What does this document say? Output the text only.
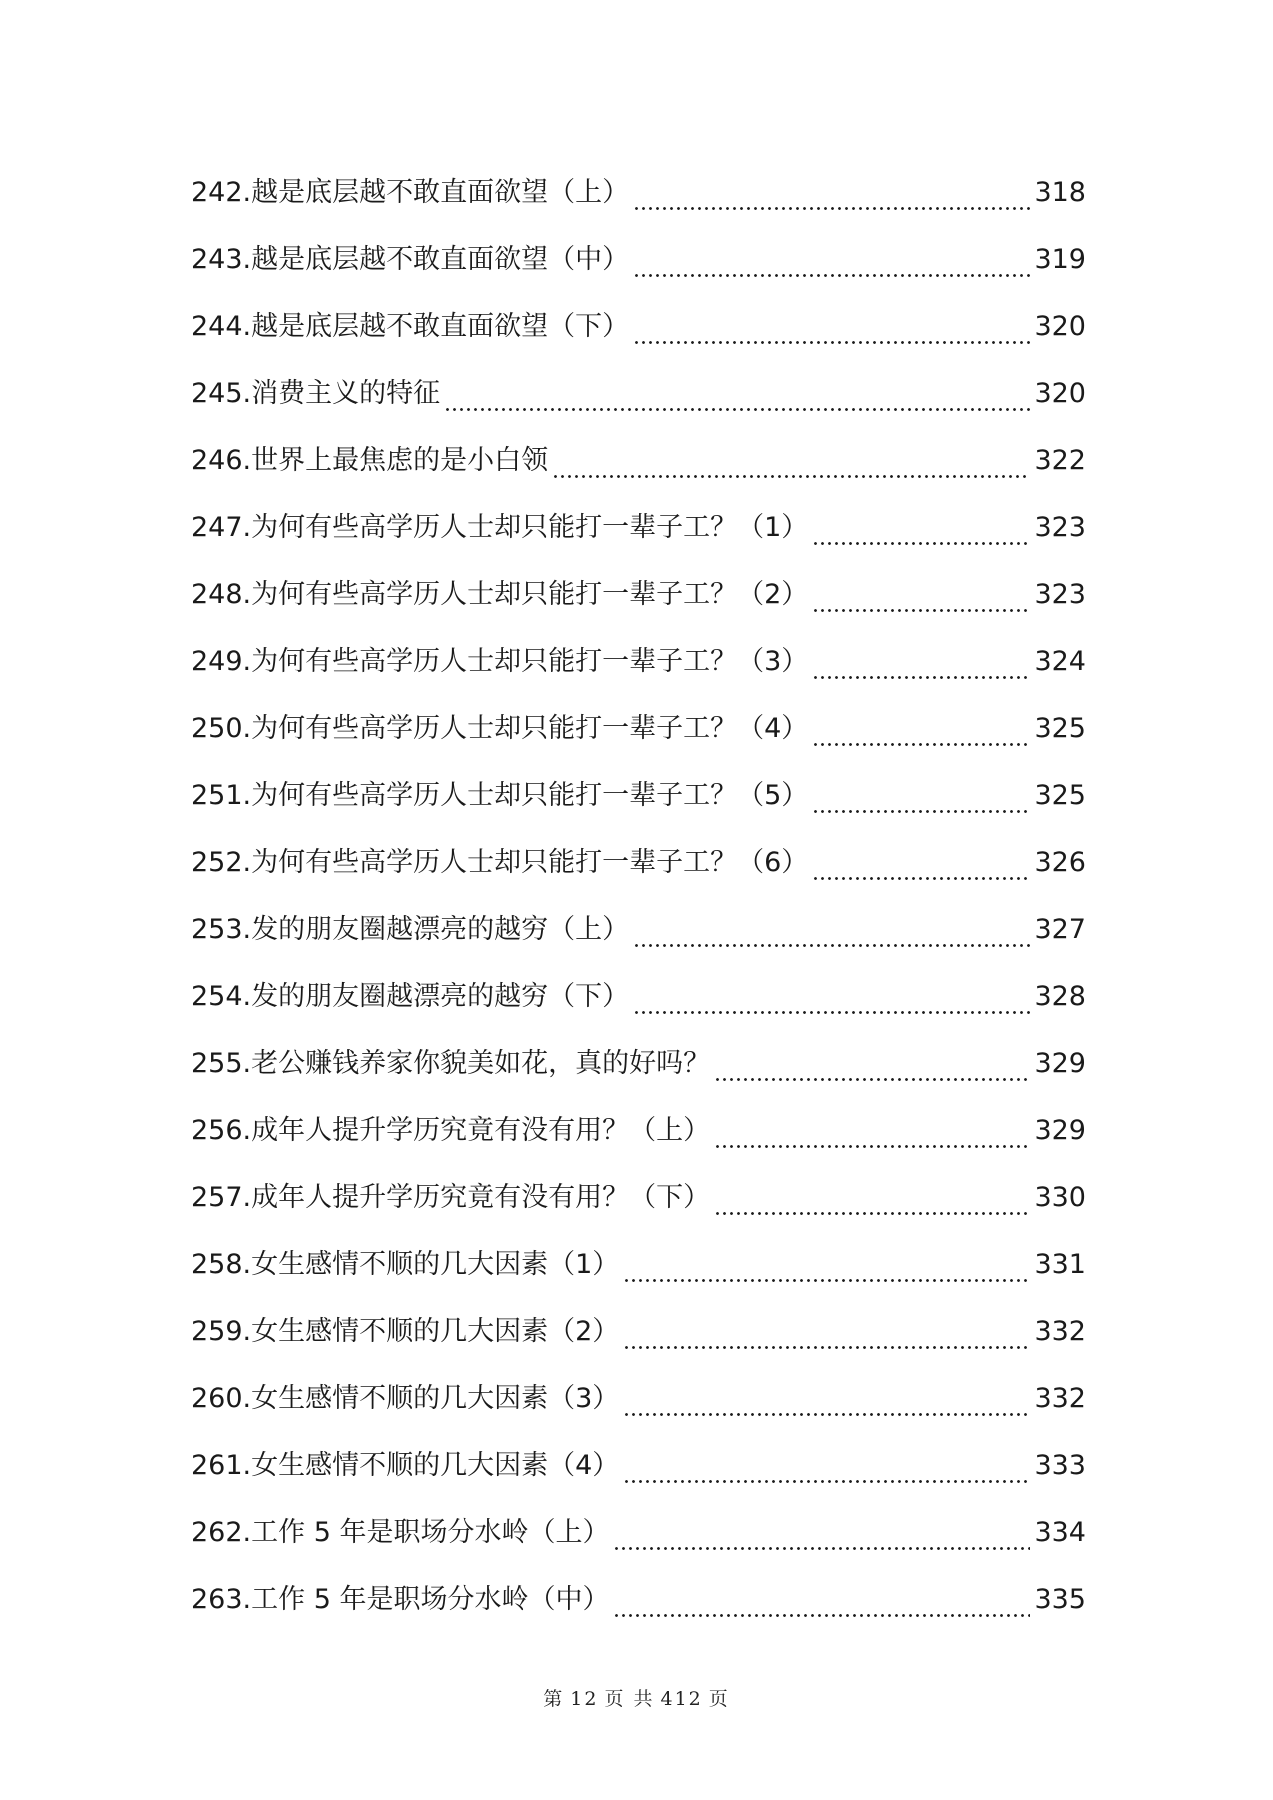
242.越是底层越不敢直面欲望（上）	318
243.越是底层越不敢直面欲望（中）	319
244.越是底层越不敢直面欲望（下）	320
245.消费主义的特征	320
246.世界上最焦虑的是小白领	322
247.为何有些高学历人士却只能打一辈子工？（1）	323
248.为何有些高学历人士却只能打一辈子工？（2）	323
249.为何有些高学历人士却只能打一辈子工？（3）	324
250.为何有些高学历人士却只能打一辈子工？（4）	325
251.为何有些高学历人士却只能打一辈子工？（5）	325
252.为何有些高学历人士却只能打一辈子工？（6）	326
253.发的朋友圈越漂亮的越穷（上）	327
254.发的朋友圈越漂亮的越穷（下）	328
255.老公赚钱养家你貌美如花，真的好吗？	329
256.成年人提升学历究竟有没有用？（上）	329
257.成年人提升学历究竟有没有用？（下）	330
258.女生感情不顺的几大因素（1）	331
259.女生感情不顺的几大因素（2）	332
260.女生感情不顺的几大因素（3）	332
261.女生感情不顺的几大因素（4）	333
262.工作 5 年是职场分水岭（上）	334
263.工作 5 年是职场分水岭（中）	335
第 12 页 共 412 页
